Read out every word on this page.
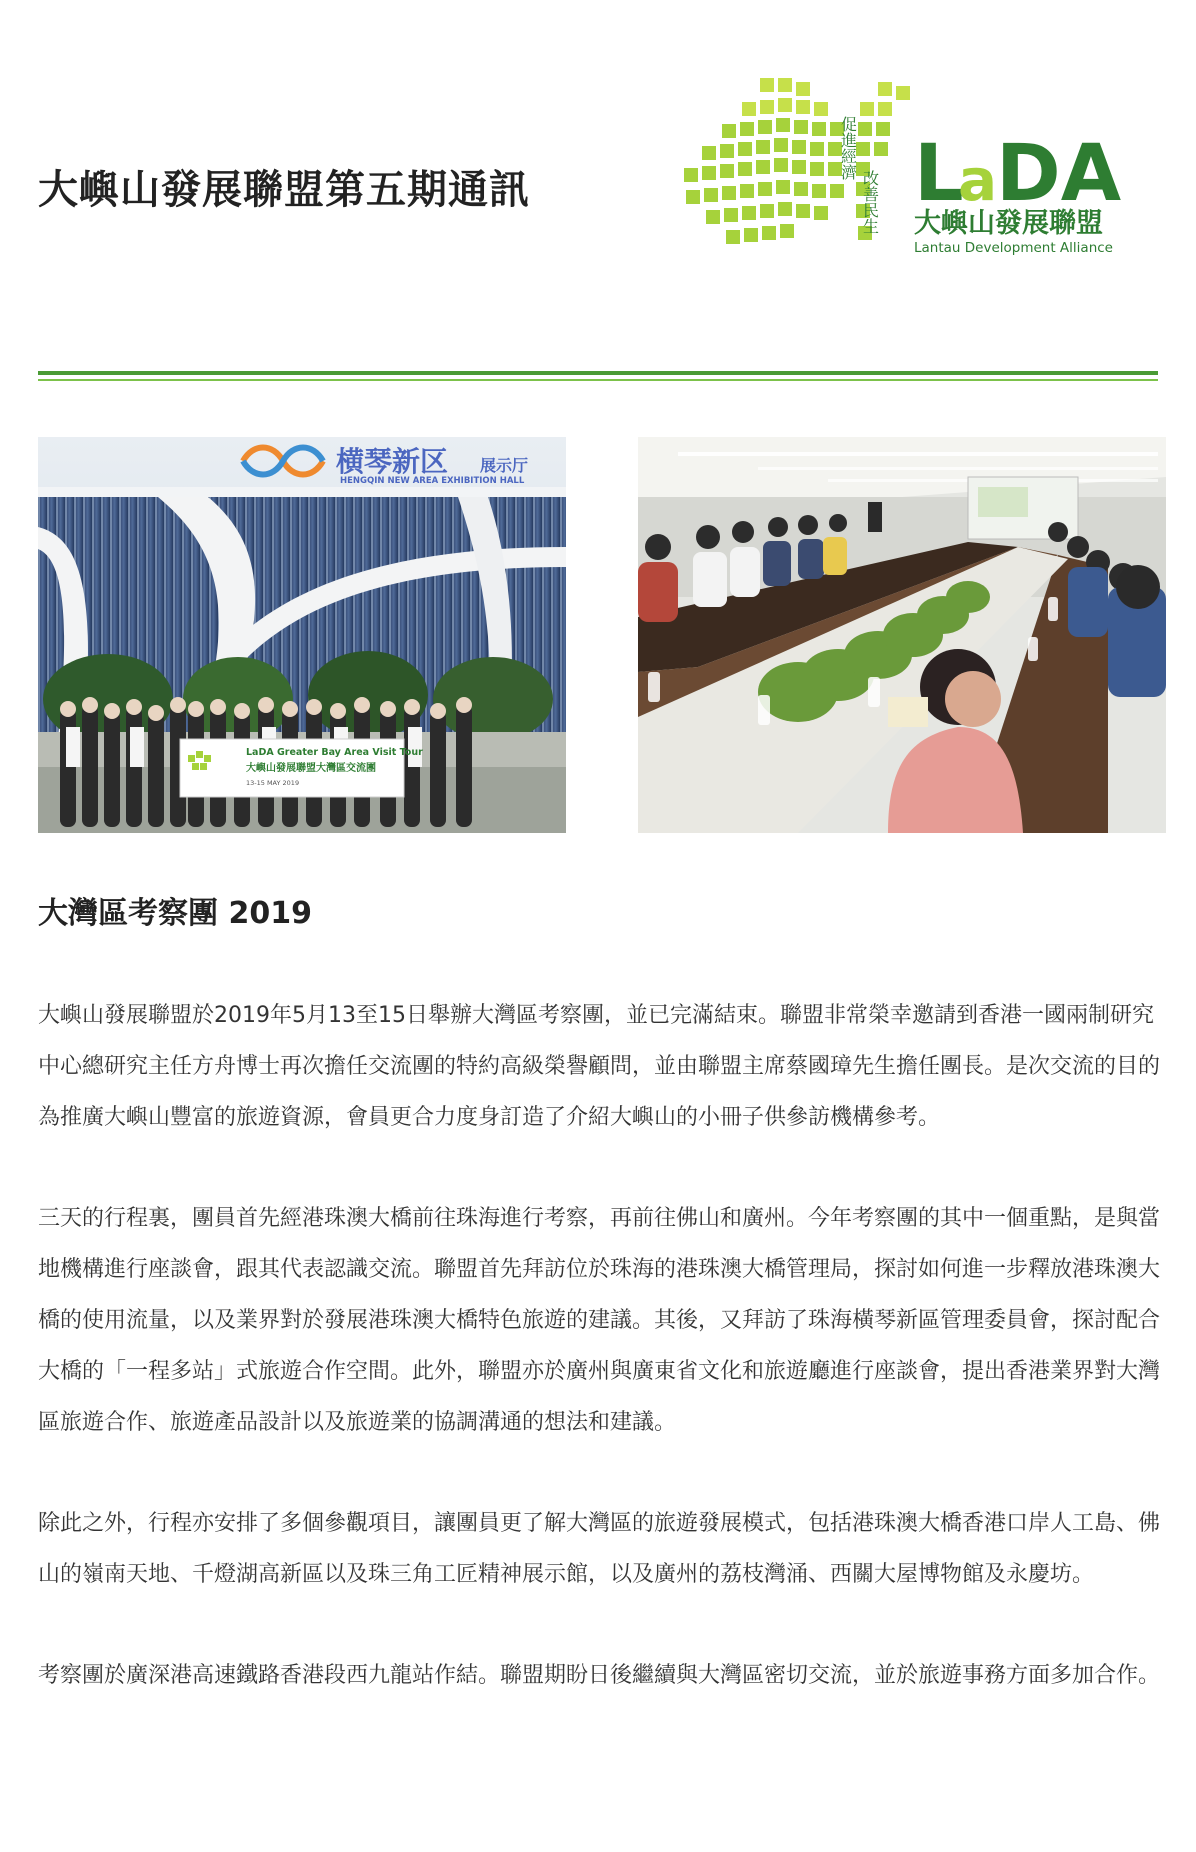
大嶼山發展聯盟第五期通訊
促進經濟
改善民生 L
a
DA
大嶼山發展聯盟
Lantau Development Alliance
LaDA Greater Bay Area Visit Tour
大嶼山發展聯盟大灣區交流團
13-15 MAY 2019
横琴新区 展示厅
HENGQIN NEW AREA EXHIBITION HALL
大灣區考察團 2019

大嶼山發展聯盟於2019年5月13至15日舉辦大灣區考察團，並已完滿結束。聯盟非常榮幸邀請到香港一國兩制研究中心總研究主任方舟博士再次擔任交流團的特約高級榮譽顧問，並由聯盟主席蔡國璋先生擔任團長。是次交流的目的為推廣大嶼山豐富的旅遊資源，會員更合力度身訂造了介紹大嶼山的小冊子供參訪機構參考。

三天的行程裏，團員首先經港珠澳大橋前往珠海進行考察，再前往佛山和廣州。今年考察團的其中一個重點，是與當地機構進行座談會，跟其代表認識交流。聯盟首先拜訪位於珠海的港珠澳大橋管理局，探討如何進一步釋放港珠澳大橋的使用流量，以及業界對於發展港珠澳大橋特色旅遊的建議。其後，又拜訪了珠海橫琴新區管理委員會，探討配合大橋的「一程多站」式旅遊合作空間。此外，聯盟亦於廣州與廣東省文化和旅遊廳進行座談會，提出香港業界對大灣區旅遊合作、旅遊產品設計以及旅遊業的協調溝通的想法和建議。

除此之外，行程亦安排了多個參觀項目，讓團員更了解大灣區的旅遊發展模式，包括港珠澳大橋香港口岸人工島、佛山的嶺南天地、千燈湖高新區以及珠三角工匠精神展示館，以及廣州的荔枝灣涌、西關大屋博物館及永慶坊。

考察團於廣深港高速鐵路香港段西九龍站作結。聯盟期盼日後繼續與大灣區密切交流，並於旅遊事務方面多加合作。
